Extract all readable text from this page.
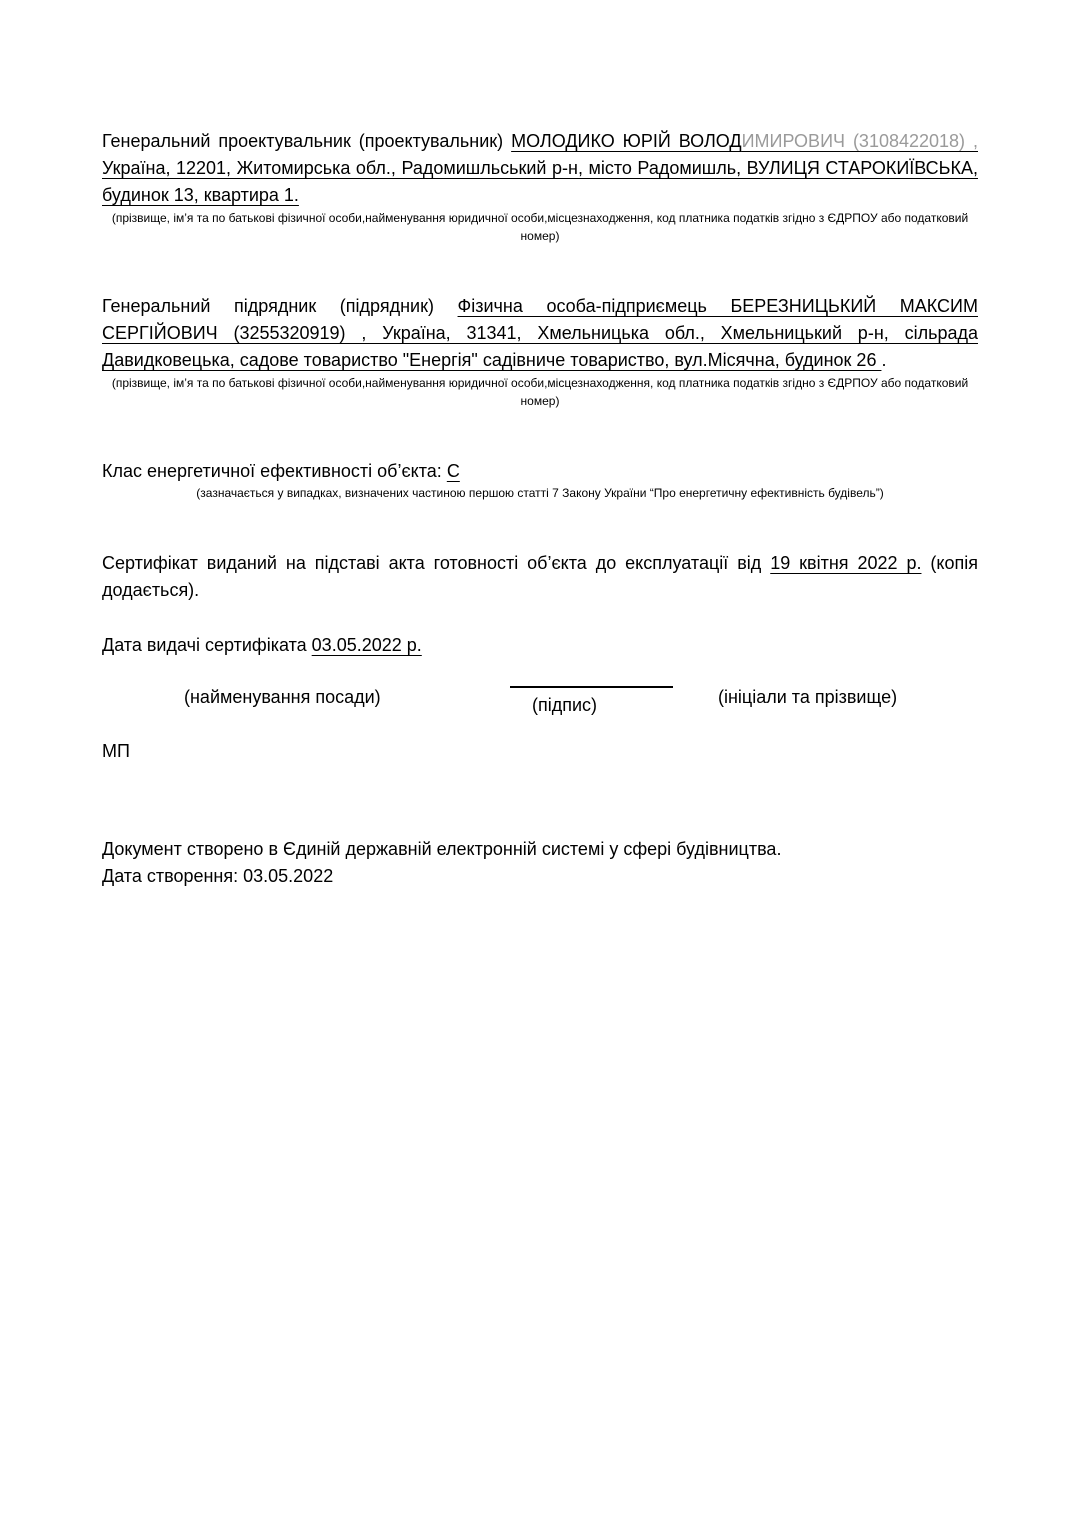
Генеральний проектувальник (проектувальник) МОЛОДИКО ЮРІЙ ВОЛОДИМИРОВИЧ (3108422018) , Україна, 12201, Житомирська обл., Радомишльський р-н, місто Радомишль, ВУЛИЦЯ СТАРОКИЇВСЬКА, будинок 13, квартира 1.
(прізвище, ім’я та по батькові фізичної особи,найменування юридичної особи,місцезнаходження, код платника податків згідно з ЄДРПОУ або податковий номер)
Генеральний підрядник (підрядник) Фізична особа-підприємець БЕРЕЗНИЦЬКИЙ МАКСИМ СЕРГІЙОВИЧ (3255320919) , Україна, 31341, Хмельницька обл., Хмельницький р-н, сільрада Давидковецька, садове товариство "Енергія" садівниче товариство, вул.Місячна, будинок 26 .
(прізвище, ім’я та по батькові фізичної особи,найменування юридичної особи,місцезнаходження, код платника податків згідно з ЄДРПОУ або податковий номер)
Клас енергетичної ефективності об’єкта: С
(зазначається у випадках, визначених частиною першою статті 7 Закону України “Про енергетичну ефективність будівель”)
Сертифікат виданий на підставі акта готовності об’єкта до експлуатації від 19 квітня 2022 р. (копія додається).
Дата видачі сертифіката 03.05.2022 р.
(найменування посади)	(підпис)	(ініціали та прізвище)
МП
Документ створено в Єдиній державній електронній системі у сфері будівництва.
Дата створення: 03.05.2022
